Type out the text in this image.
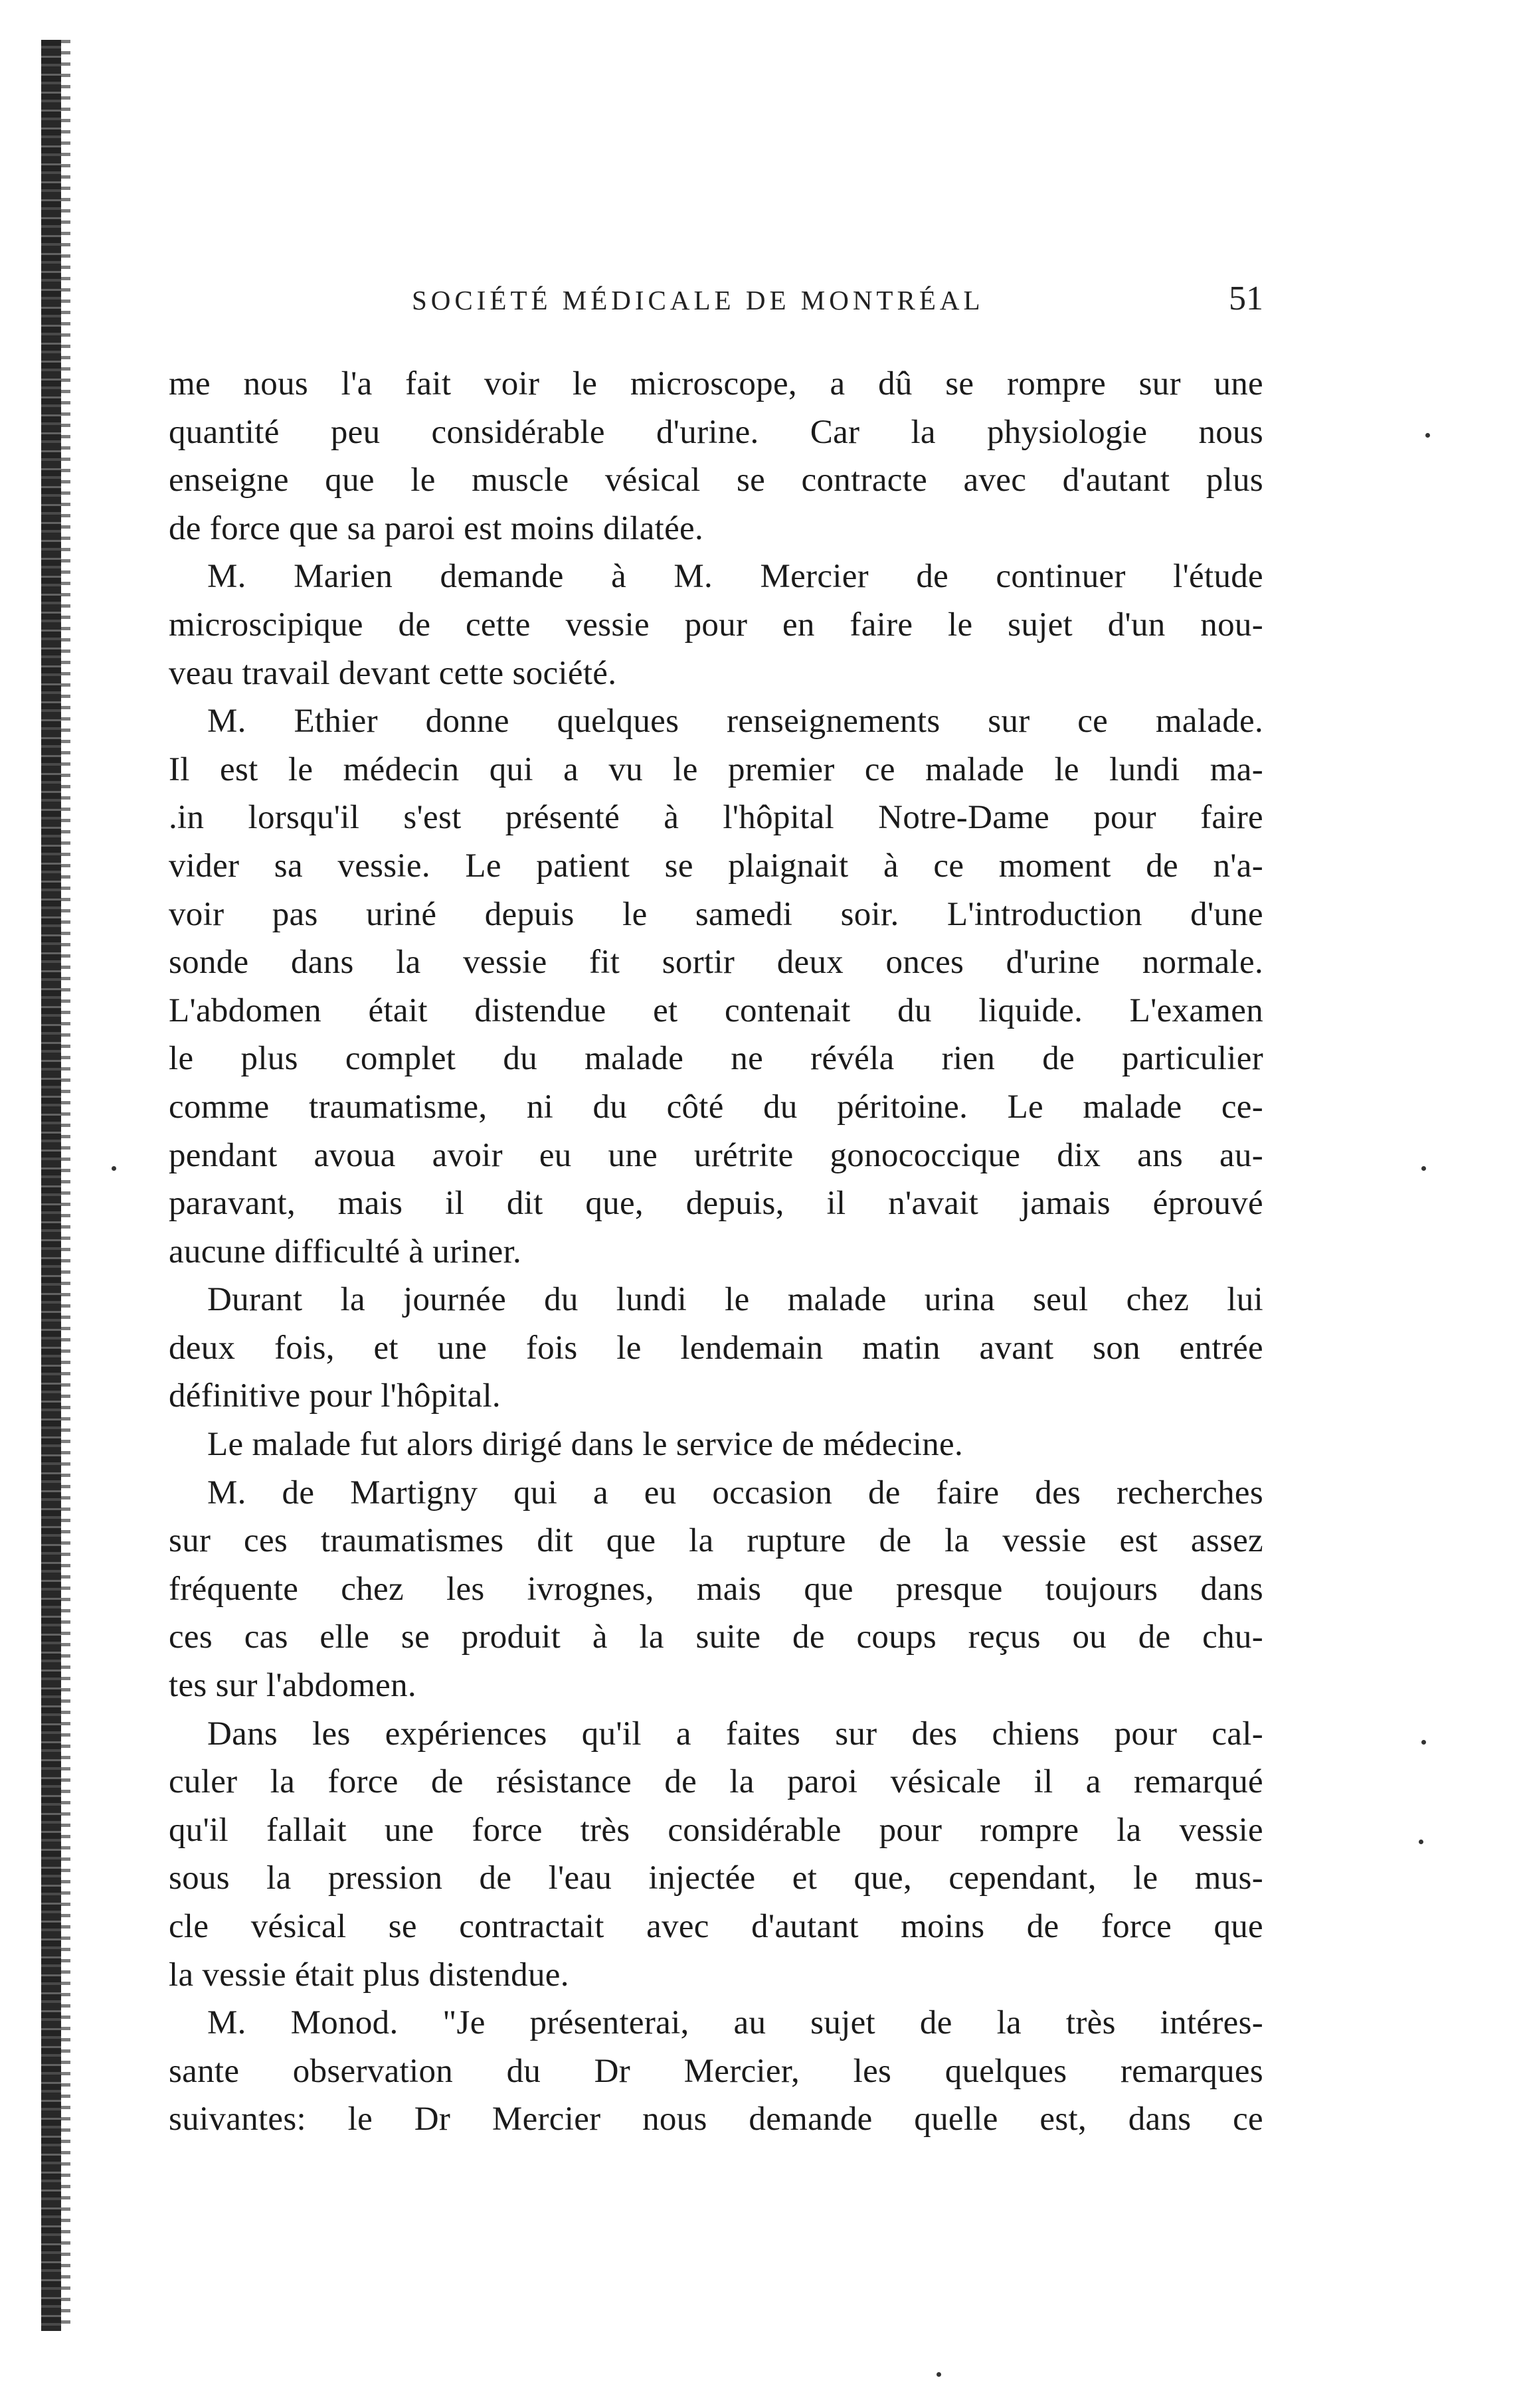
SOCIÉTÉ MÉDICALE DE MONTRÉAL	51
me nous l'a fait voir le microscope, a dû se rompre sur une
quantité peu considérable d'urine. Car la physiologie nous
enseigne que le muscle vésical se contracte avec d'autant plus
de force que sa paroi est moins dilatée.
M. Marien demande à M. Mercier de continuer l'étude
microscipique de cette vessie pour en faire le sujet d'un nou-
veau travail devant cette société.
M. Ethier donne quelques renseignements sur ce malade.
Il est le médecin qui a vu le premier ce malade le lundi ma-
.in lorsqu'il s'est présenté à l'hôpital Notre-Dame pour faire
vider sa vessie. Le patient se plaignait à ce moment de n'a-
voir pas uriné depuis le samedi soir. L'introduction d'une
sonde dans la vessie fit sortir deux onces d'urine normale.
L'abdomen était distendue et contenait du liquide. L'examen
le plus complet du malade ne révéla rien de particulier
comme traumatisme, ni du côté du péritoine. Le malade ce-
pendant avoua avoir eu une urétrite gonococcique dix ans au-
paravant, mais il dit que, depuis, il n'avait jamais éprouvé
aucune difficulté à uriner.
Durant la journée du lundi le malade urina seul chez lui
deux fois, et une fois le lendemain matin avant son entrée
définitive pour l'hôpital.
Le malade fut alors dirigé dans le service de médecine.
M. de Martigny qui a eu occasion de faire des recherches
sur ces traumatismes dit que la rupture de la vessie est assez
fréquente chez les ivrognes, mais que presque toujours dans
ces cas elle se produit à la suite de coups reçus ou de chu-
tes sur l'abdomen.
Dans les expériences qu'il a faites sur des chiens pour cal-
culer la force de résistance de la paroi vésicale il a remarqué
qu'il fallait une force très considérable pour rompre la vessie
sous la pression de l'eau injectée et que, cependant, le mus-
cle vésical se contractait avec d'autant moins de force que
la vessie était plus distendue.
M. Monod. "Je présenterai, au sujet de la très intéres-
sante observation du Dr Mercier, les quelques remarques
suivantes: le Dr Mercier nous demande quelle est, dans ce
